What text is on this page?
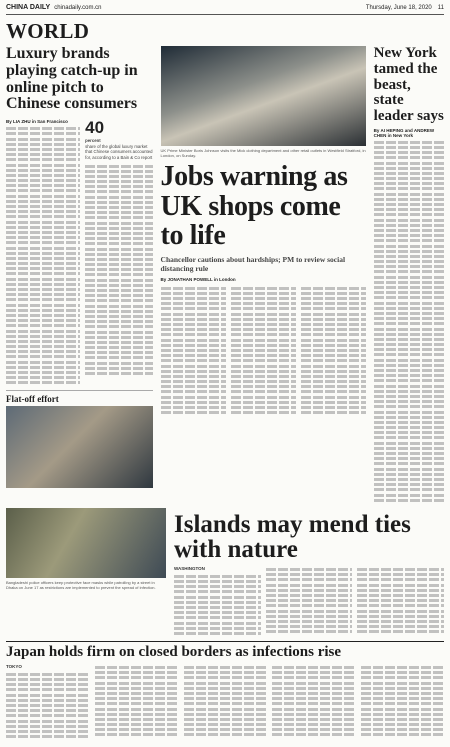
CHINA DAILY chinadaily.com.cn	Thursday, June 18, 2020 11
WORLD
Luxury brands playing catch-up in online pitch to Chinese consumers
By LIA ZHU in San Francisco	40
percent
share of the global luxury market that Chinese consumers accounted for, according to a Bain & Co report
Flat-off effort
UK Prime Minister Boris Johnson visits the Mick clothing department and other retail outlets in Westfield Stratford, in London, on Sunday.
Jobs warning as UK shops come to life
Chancellor cautions about hardships; PM to review social distancing rule
By JONATHAN POWELL in London
New York tamed the beast, state leader says
By AI HEPING and ANDREW CHEN in New York
Bangladeshi police officers keep protective face masks while patrolling by a street in Dhaka on June 17 as restrictions are implemented to prevent the spread of infection.
Islands may mend ties with nature
WASHINGTON
Japan holds firm on closed borders as infections rise
TOKYO
